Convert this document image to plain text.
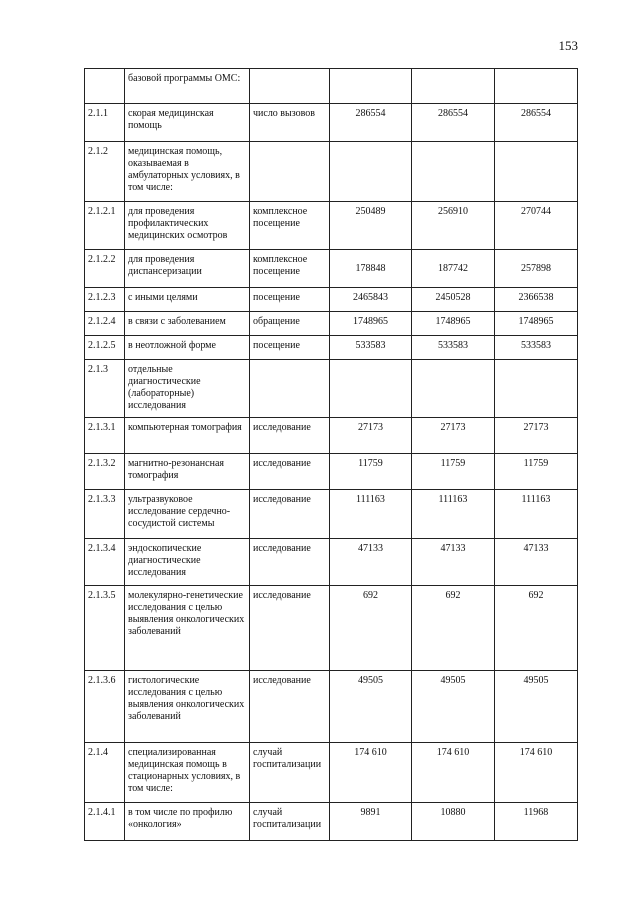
153
	базовой программы ОМС:				
2.1.1	скорая медицинская помощь	число вызовов	286554	286554	286554
2.1.2	медицинская помощь, оказываемая в амбулаторных условиях, в том числе:				
2.1.2.1	для проведения профилактических медицинских осмотров	комплексное посещение	250489	256910	270744
2.1.2.2	для проведения диспансеризации	комплексное посещение	178848	187742	257898
2.1.2.3	с иными целями	посещение	2465843	2450528	2366538
2.1.2.4	в связи с заболеванием	обращение	1748965	1748965	1748965
2.1.2.5	в неотложной форме	посещение	533583	533583	533583
2.1.3	отдельные диагностические (лабораторные) исследования				
2.1.3.1	компьютерная томография	исследование	27173	27173	27173
2.1.3.2	магнитно-резонансная томография	исследование	11759	11759	11759
2.1.3.3	ультразвуковое исследование сердечно-сосудистой системы	исследование	111163	111163	111163
2.1.3.4	эндоскопические диагностические исследования	исследование	47133	47133	47133
2.1.3.5	молекулярно-генетические исследования с целью выявления онкологических заболеваний	исследование	692	692	692
2.1.3.6	гистологические исследования с целью выявления онкологических заболеваний	исследование	49505	49505	49505
2.1.4	специализированная медицинская помощь в стационарных условиях, в том числе:	случай госпитализации	174 610	174 610	174 610
2.1.4.1	в том числе по профилю «онкология»	случай госпитализации	9891	10880	11968
